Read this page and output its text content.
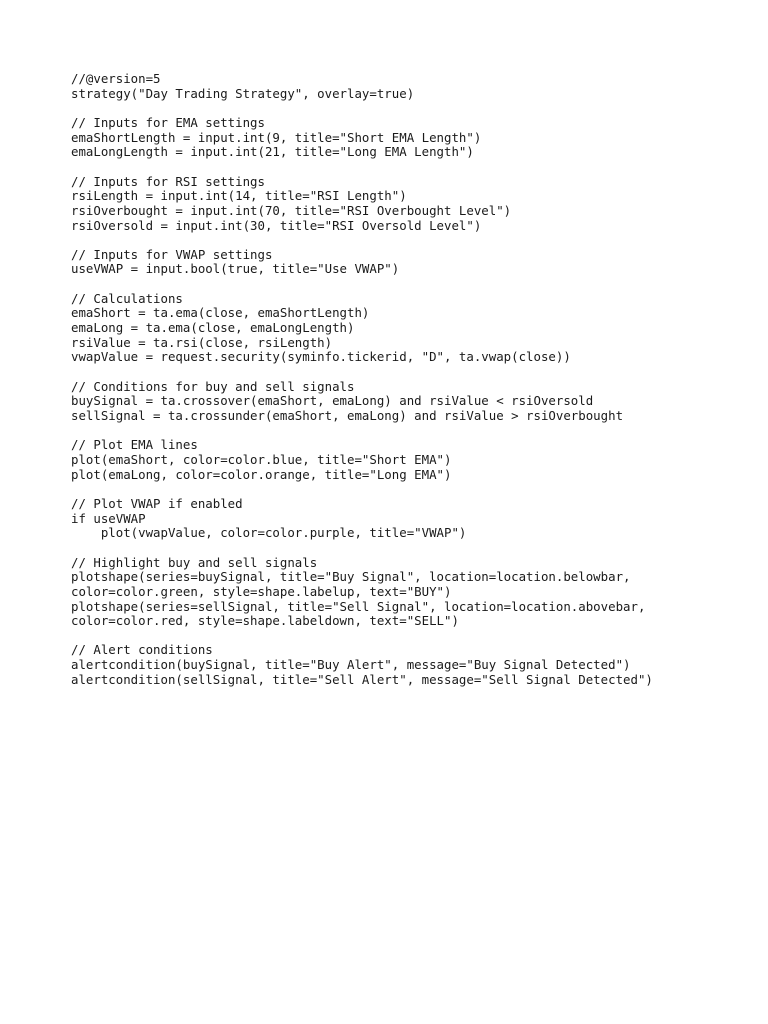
//@version=5
strategy("Day Trading Strategy", overlay=true)
// Inputs for EMA settings
emaShortLength = input.int(9, title="Short EMA Length")
emaLongLength = input.int(21, title="Long EMA Length")
// Inputs for RSI settings
rsiLength = input.int(14, title="RSI Length")
rsiOverbought = input.int(70, title="RSI Overbought Level")
rsiOversold = input.int(30, title="RSI Oversold Level")
// Inputs for VWAP settings
useVWAP = input.bool(true, title="Use VWAP")
// Calculations
emaShort = ta.ema(close, emaShortLength)
emaLong = ta.ema(close, emaLongLength)
rsiValue = ta.rsi(close, rsiLength)
vwapValue = request.security(syminfo.tickerid, "D", ta.vwap(close))
// Conditions for buy and sell signals
buySignal = ta.crossover(emaShort, emaLong) and rsiValue < rsiOversold
sellSignal = ta.crossunder(emaShort, emaLong) and rsiValue > rsiOverbought
// Plot EMA lines
plot(emaShort, color=color.blue, title="Short EMA")
plot(emaLong, color=color.orange, title="Long EMA")
// Plot VWAP if enabled
if useVWAP
plot(vwapValue, color=color.purple, title="VWAP")
// Highlight buy and sell signals
plotshape(series=buySignal, title="Buy Signal", location=location.belowbar,
color=color.green, style=shape.labelup, text="BUY")
plotshape(series=sellSignal, title="Sell Signal", location=location.abovebar,
color=color.red, style=shape.labeldown, text="SELL")
// Alert conditions
alertcondition(buySignal, title="Buy Alert", message="Buy Signal Detected")
alertcondition(sellSignal, title="Sell Alert", message="Sell Signal Detected")
